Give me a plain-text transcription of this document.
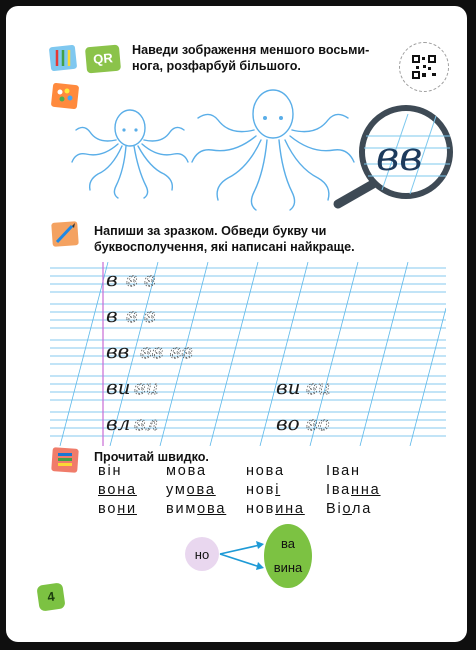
QR

Наведи зображення меншого восьми-нога, розфарбуй більшого.

вв

Напиши за зразком. Обведи букву чи буквосполучення, які написані найкраще.

в в в
в в в
вв вв вв
ви ви	ви ви
вл вл	во во

Прочитай швидко.

він
вона
вони
мова
умова
вимова
нова
нові
новина
Іван
Іванна
Віола
но
ва
вина
4
